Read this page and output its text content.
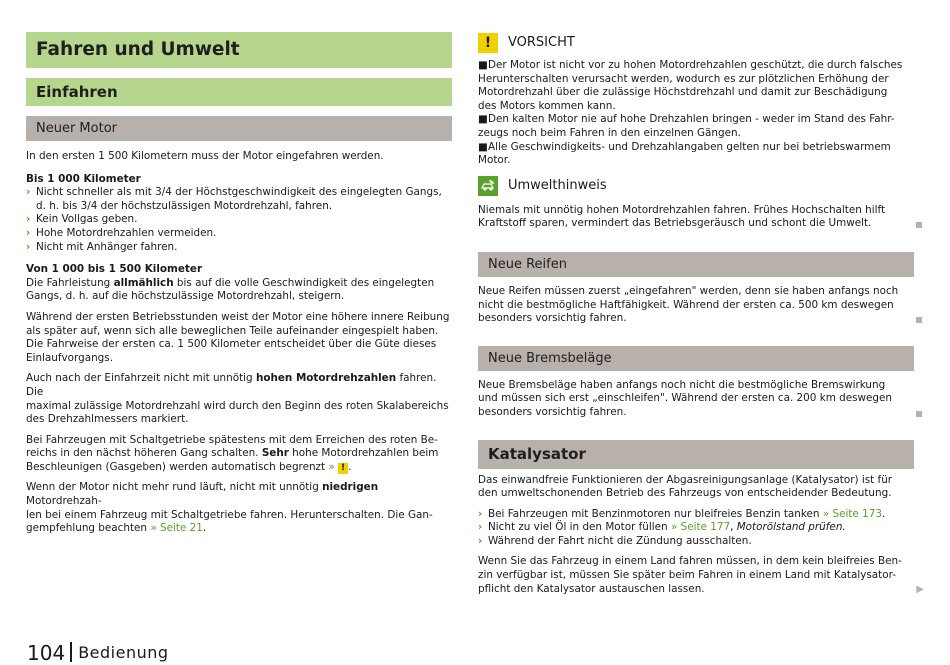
Fahren und Umwelt
Einfahren
Neuer Motor

In den ersten 1 500 Kilometern muss der Motor eingefahren werden.

Bis 1 000 Kilometer

› Nicht schneller als mit 3/4 der Höchstgeschwindigkeit des eingelegten Gangs,
d. h. bis 3/4 der höchstzulässigen Motordrehzahl, fahren.
› Kein Vollgas geben.
› Hohe Motordrehzahlen vermeiden.
› Nicht mit Anhänger fahren.

Von 1 000 bis 1 500 Kilometer

Die Fahrleistung allmählich bis auf die volle Geschwindigkeit des eingelegten
Gangs, d. h. auf die höchstzulässige Motordrehzahl, steigern.

Während der ersten Betriebsstunden weist der Motor eine höhere innere Reibung
als später auf, wenn sich alle beweglichen Teile aufeinander eingespielt haben.
Die Fahrweise der ersten ca. 1 500 Kilometer entscheidet über die Güte dieses
Einlaufvorgangs.

Auch nach der Einfahrzeit nicht mit unnötig hohen Motordrehzahlen fahren. Die
maximal zulässige Motordrehzahl wird durch den Beginn des roten Skalabereichs
des Drehzahlmessers markiert.

Bei Fahrzeugen mit Schaltgetriebe spätestens mit dem Erreichen des roten Be-
reichs in den nächst höheren Gang schalten. Sehr hohe Motordrehzahlen beim
Beschleunigen (Gasgeben) werden automatisch begrenzt » ! .

Wenn der Motor nicht mehr rund läuft, nicht mit unnötig niedrigen Motordrehzah-
len bei einem Fahrzeug mit Schaltgetriebe fahren. Herunterschalten. Die Gan-
gempfehlung beachten » Seite 21.

!	VORSICHT
■ Der Motor ist nicht vor zu hohen Motordrehzahlen geschützt, die durch falsches

Herunterschalten verursacht werden, wodurch es zur plötzlichen Erhöhung der
Motordrehzahl über die zulässige Höchstdrehzahl und damit zur Beschädigung
des Motors kommen kann.
■ Den kalten Motor nie auf hohe Drehzahlen bringen - weder im Stand des Fahr-
zeugs noch beim Fahren in den einzelnen Gängen.
■ Alle Geschwindigkeits- und Drehzahlangaben gelten nur bei betriebswarmem
Motor.
Umwelthinweis

Niemals mit unnötig hohen Motordrehzahlen fahren. Frühes Hochschalten hilft
Kraftstoff sparen, vermindert das Betriebsgeräusch und schont die Umwelt.

Neue Reifen

Neue Reifen müssen zuerst „eingefahren" werden, denn sie haben anfangs noch
nicht die bestmögliche Haftfähigkeit. Während der ersten ca. 500 km deswegen
besonders vorsichtig fahren.

Neue Bremsbeläge

Neue Bremsbeläge haben anfangs noch nicht die bestmögliche Bremswirkung
und müssen sich erst „einschleifen". Während der ersten ca. 200 km deswegen
besonders vorsichtig fahren.

Katalysator

Das einwandfreie Funktionieren der Abgasreinigungsanlage (Katalysator) ist für
den umweltschonenden Betrieb des Fahrzeugs von entscheidender Bedeutung.

› Bei Fahrzeugen mit Benzinmotoren nur bleifreies Benzin tanken » Seite 173.
› Nicht zu viel Öl in den Motor füllen » Seite 177, Motorölstand prüfen.
› Während der Fahrt nicht die Zündung ausschalten.

Wenn Sie das Fahrzeug in einem Land fahren müssen, in dem kein bleifreies Ben-
zin verfügbar ist, müssen Sie später beim Fahren in einem Land mit Katalysator-
pflicht den Katalysator austauschen lassen.	▶

104 Bedienung
